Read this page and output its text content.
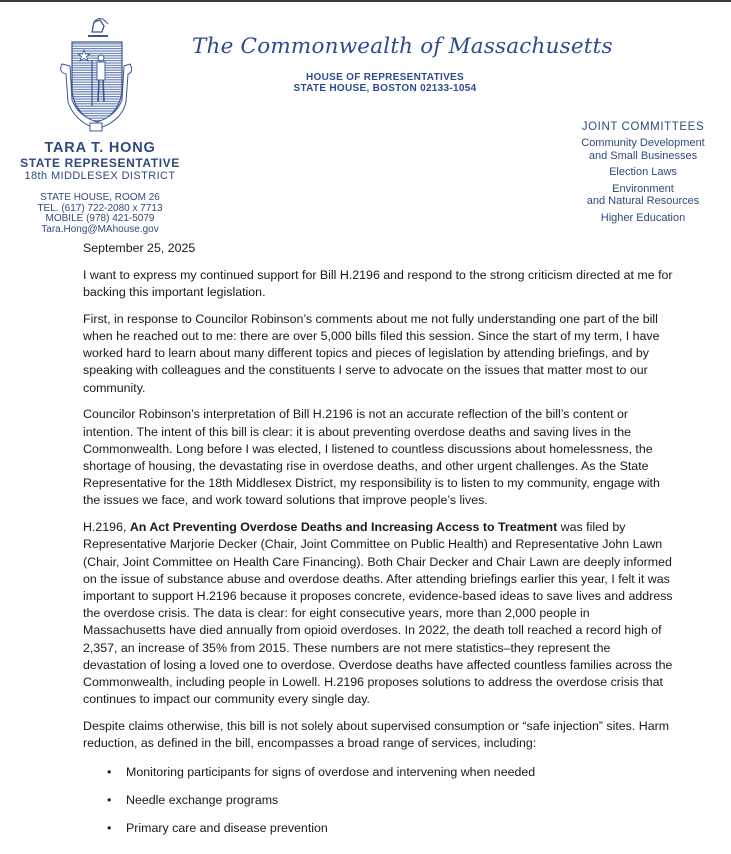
The Commonwealth of Massachusetts
HOUSE OF REPRESENTATIVES
STATE HOUSE, BOSTON 02133-1054
TARA T. HONG
STATE REPRESENTATIVE
18th MIDDLESEX DISTRICT
STATE HOUSE, ROOM 26
TEL. (617) 722-2080 x 7713
MOBILE (978) 421-5079
Tara.Hong@MAhouse.gov
JOINT COMMITTEES
Community Development
and Small Businesses
Election Laws
Environment
and Natural Resources
Higher Education

September 25, 2025

I want to express my continued support for Bill H.2196 and respond to the strong criticism directed at me for backing this important legislation.

First, in response to Councilor Robinson’s comments about me not fully understanding one part of the bill when he reached out to me: there are over 5,000 bills filed this session. Since the start of my term, I have worked hard to learn about many different topics and pieces of legislation by attending briefings, and by speaking with colleagues and the constituents I serve to advocate on the issues that matter most to our community.

Councilor Robinson’s interpretation of Bill H.2196 is not an accurate reflection of the bill’s content or intention. The intent of this bill is clear: it is about preventing overdose deaths and saving lives in the Commonwealth. Long before I was elected, I listened to countless discussions about homelessness, the shortage of housing, the devastating rise in overdose deaths, and other urgent challenges. As the State Representative for the 18th Middlesex District, my responsibility is to listen to my community, engage with the issues we face, and work toward solutions that improve people’s lives.

H.2196, An Act Preventing Overdose Deaths and Increasing Access to Treatment was filed by Representative Marjorie Decker (Chair, Joint Committee on Public Health) and Representative John Lawn (Chair, Joint Committee on Health Care Financing). Both Chair Decker and Chair Lawn are deeply informed on the issue of substance abuse and overdose deaths. After attending briefings earlier this year, I felt it was important to support H.2196 because it proposes concrete, evidence-based ideas to save lives and address the overdose crisis. The data is clear: for eight consecutive years, more than 2,000 people in Massachusetts have died annually from opioid overdoses. In 2022, the death toll reached a record high of 2,357, an increase of 35% from 2015. These numbers are not mere statistics–they represent the devastation of losing a loved one to overdose. Overdose deaths have affected countless families across the Commonwealth, including people in Lowell. H.2196 proposes solutions to address the overdose crisis that continues to impact our community every single day.

Despite claims otherwise, this bill is not solely about supervised consumption or “safe injection” sites. Harm reduction, as defined in the bill, encompasses a broad range of services, including:

• Monitoring participants for signs of overdose and intervening when needed
• Needle exchange programs
• Primary care and disease prevention
